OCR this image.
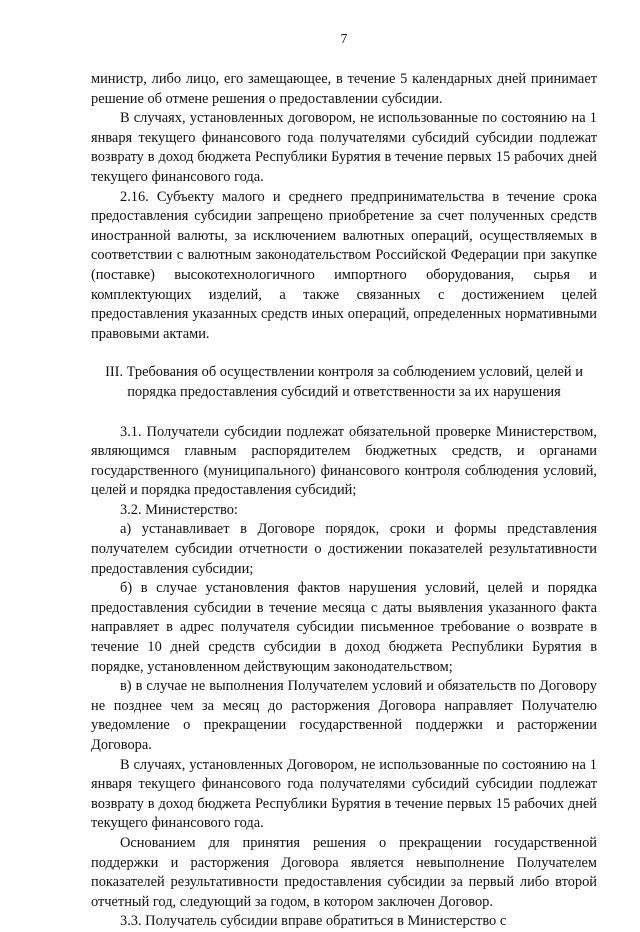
7

министр, либо лицо, его замещающее, в течение 5 календарных дней принимает решение об отмене решения о предоставлении субсидии.

В случаях, установленных договором, не использованные по состоянию на 1 января текущего финансового года получателями субсидий субсидии подлежат возврату в доход бюджета Республики Бурятия в течение первых 15 рабочих дней текущего финансового года.

2.16. Субъекту малого и среднего предпринимательства в течение срока предоставления субсидии запрещено приобретение за счет полученных средств иностранной валюты, за исключением валютных операций, осуществляемых в соответствии с валютным законодательством Российской Федерации при закупке (поставке) высокотехнологичного импортного оборудования, сырья и комплектующих изделий, а также связанных с достижением целей предоставления указанных средств иных операций, определенных нормативными правовыми актами.

III. Требования об осуществлении контроля за соблюдением условий, целей и порядка предоставления субсидий и ответственности за их нарушения

3.1. Получатели субсидии подлежат обязательной проверке Министерством, являющимся главным распорядителем бюджетных средств, и органами государственного (муниципального) финансового контроля соблюдения условий, целей и порядка предоставления субсидий;

3.2. Министерство:

а) устанавливает в Договоре порядок, сроки и формы представления получателем субсидии отчетности о достижении показателей результативности предоставления субсидии;

б) в случае установления фактов нарушения условий, целей и порядка предоставления субсидии в течение месяца с даты выявления указанного факта направляет в адрес получателя субсидии письменное требование о возврате в течение 10 дней средств субсидии в доход бюджета Республики Бурятия в порядке, установленном действующим законодательством;

в) в случае не выполнения Получателем условий и обязательств по Договору не позднее чем за месяц до расторжения Договора направляет Получателю уведомление о прекращении государственной поддержки и расторжении Договора.

В случаях, установленных Договором, не использованные по состоянию на 1 января текущего финансового года получателями субсидий субсидии подлежат возврату в доход бюджета Республики Бурятия в течение первых 15 рабочих дней текущего финансового года.

Основанием для принятия решения о прекращении государственной поддержки и расторжения Договора является невыполнение Получателем показателей результативности предоставления субсидии за первый либо второй отчетный год, следующий за годом, в котором заключен Договор.

3.3. Получатель субсидии вправе обратиться в Министерство с
